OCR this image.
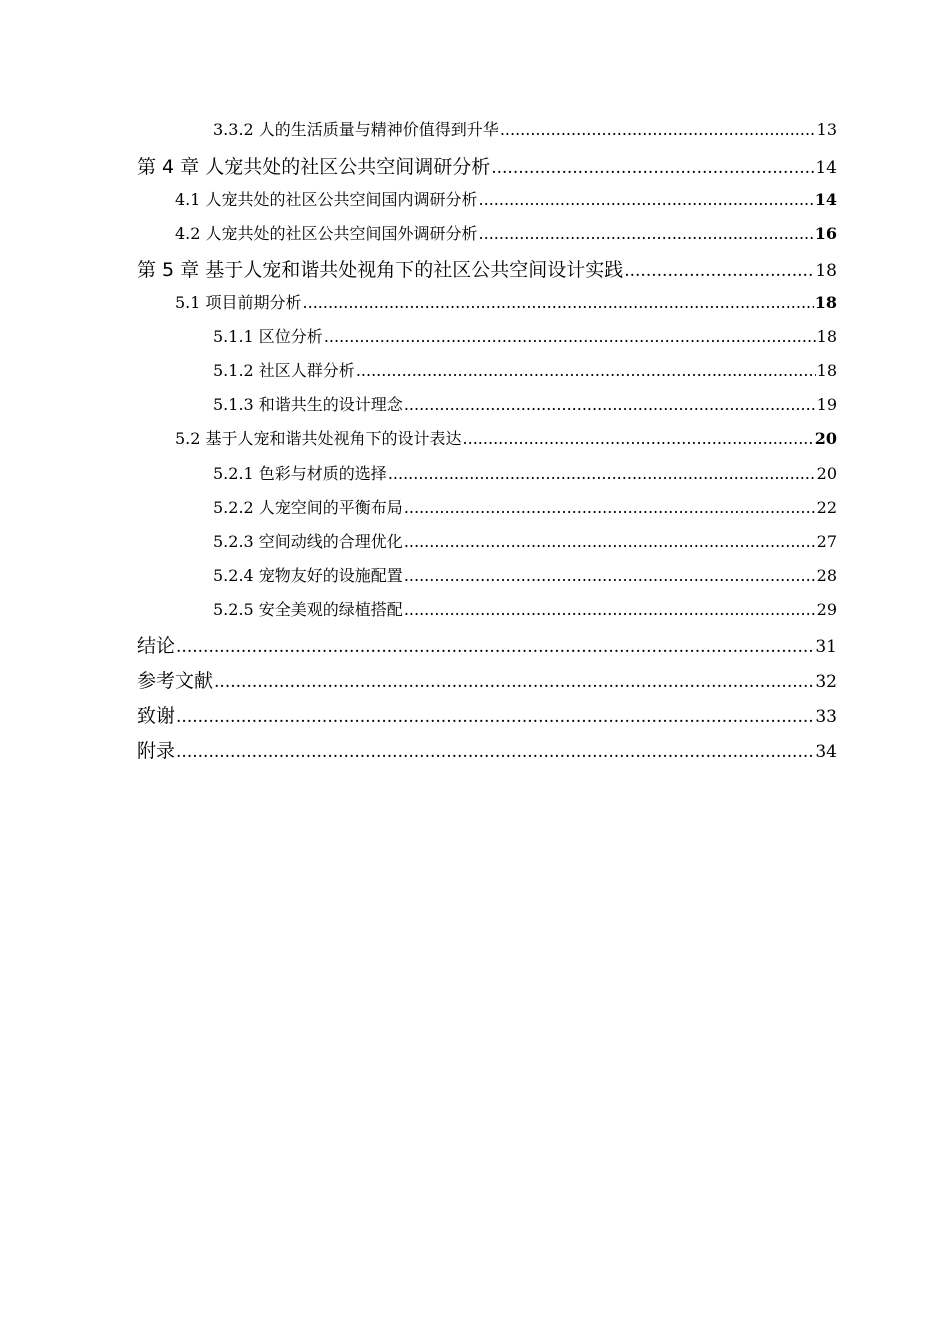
3.3.2 人的生活质量与精神价值得到升华 .....	13
第 4 章 人宠共处的社区公共空间调研分析 .....	14
4.1 人宠共处的社区公共空间国内调研分析 .....	14
4.2 人宠共处的社区公共空间国外调研分析 .....	16
第 5 章 基于人宠和谐共处视角下的社区公共空间设计实践 .....	18
5.1 项目前期分析 .....	18
5.1.1 区位分析 .....	18
5.1.2 社区人群分析 .....	18
5.1.3 和谐共生的设计理念 .....	19
5.2 基于人宠和谐共处视角下的设计表达 .....	20
5.2.1 色彩与材质的选择 .....	20
5.2.2 人宠空间的平衡布局 .....	22
5.2.3 空间动线的合理优化 .....	27
5.2.4 宠物友好的设施配置 .....	28
5.2.5 安全美观的绿植搭配 .....	29
结论 .....	31
参考文献 .....	32
致谢 .....	33
附录 .....	34
